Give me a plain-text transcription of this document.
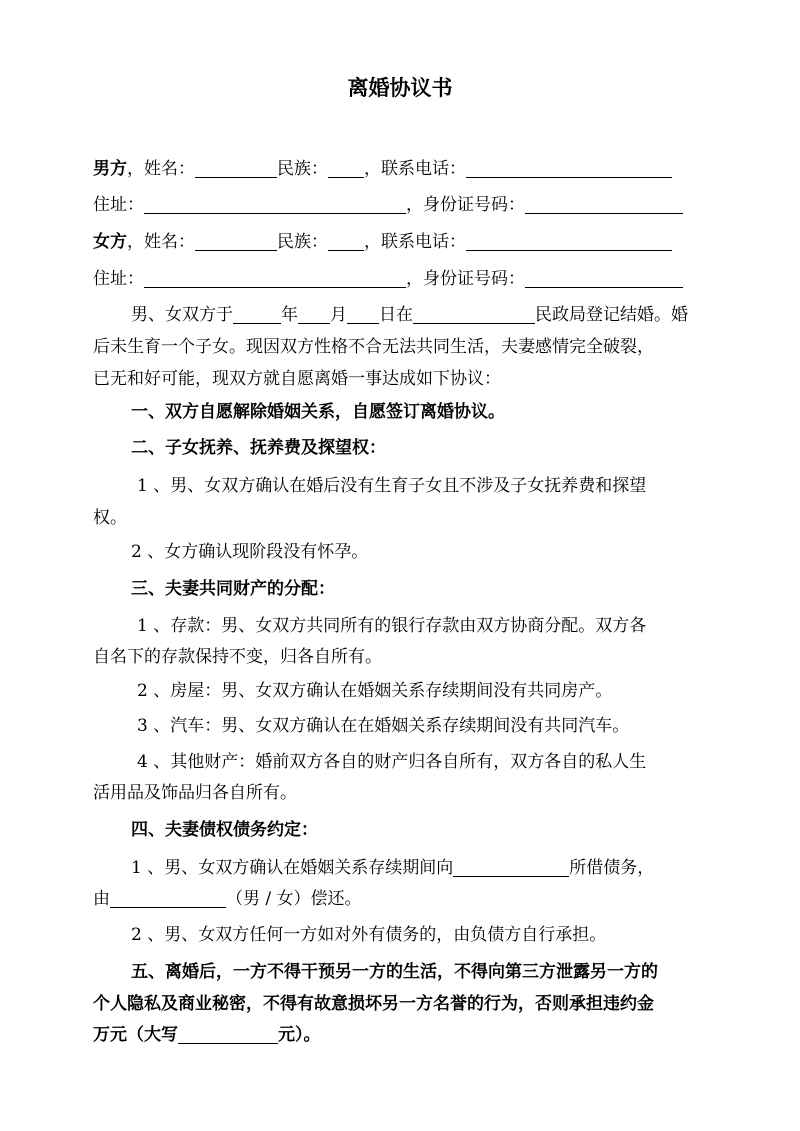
离婚协议书
男方，姓名：	民族： ，联系电话：
住址：	，身份证号码：
女方，姓名：	民族： ，联系电话：
住址：	，身份证号码：
男、女双方于	年 月 日在	民政局登记结婚。婚
后未生育一个子女。现因双方性格不合无法共同生活，夫妻感情完全破裂，
已无和好可能，现双方就自愿离婚一事达成如下协议：
一、双方自愿解除婚姻关系，自愿签订离婚协议。
二、子女抚养、抚养费及探望权：
1 、男、女双方确认在婚后没有生育子女且不涉及子女抚养费和探望
权。
2 、女方确认现阶段没有怀孕。
三、夫妻共同财产的分配：
1 、存款：男、女双方共同所有的银行存款由双方协商分配。双方各
自名下的存款保持不变，归各自所有。
2 、房屋：男、女双方确认在婚姻关系存续期间没有共同房产。
3 、汽车：男、女双方确认在在婚姻关系存续期间没有共同汽车。
4 、其他财产：婚前双方各自的财产归各自所有，双方各自的私人生
活用品及饰品归各自所有。
四、夫妻债权债务约定：
1 、男、女双方确认在婚姻关系存续期间向	所借债务，
由	（男 / 女）偿还。
2 、男、女双方任何一方如对外有债务的，由负债方自行承担。
五、离婚后，一方不得干预另一方的生活，不得向第三方泄露另一方的
个人隐私及商业秘密，不得有故意损坏另一方名誉的行为，否则承担违约金
万元（大写	元）。
